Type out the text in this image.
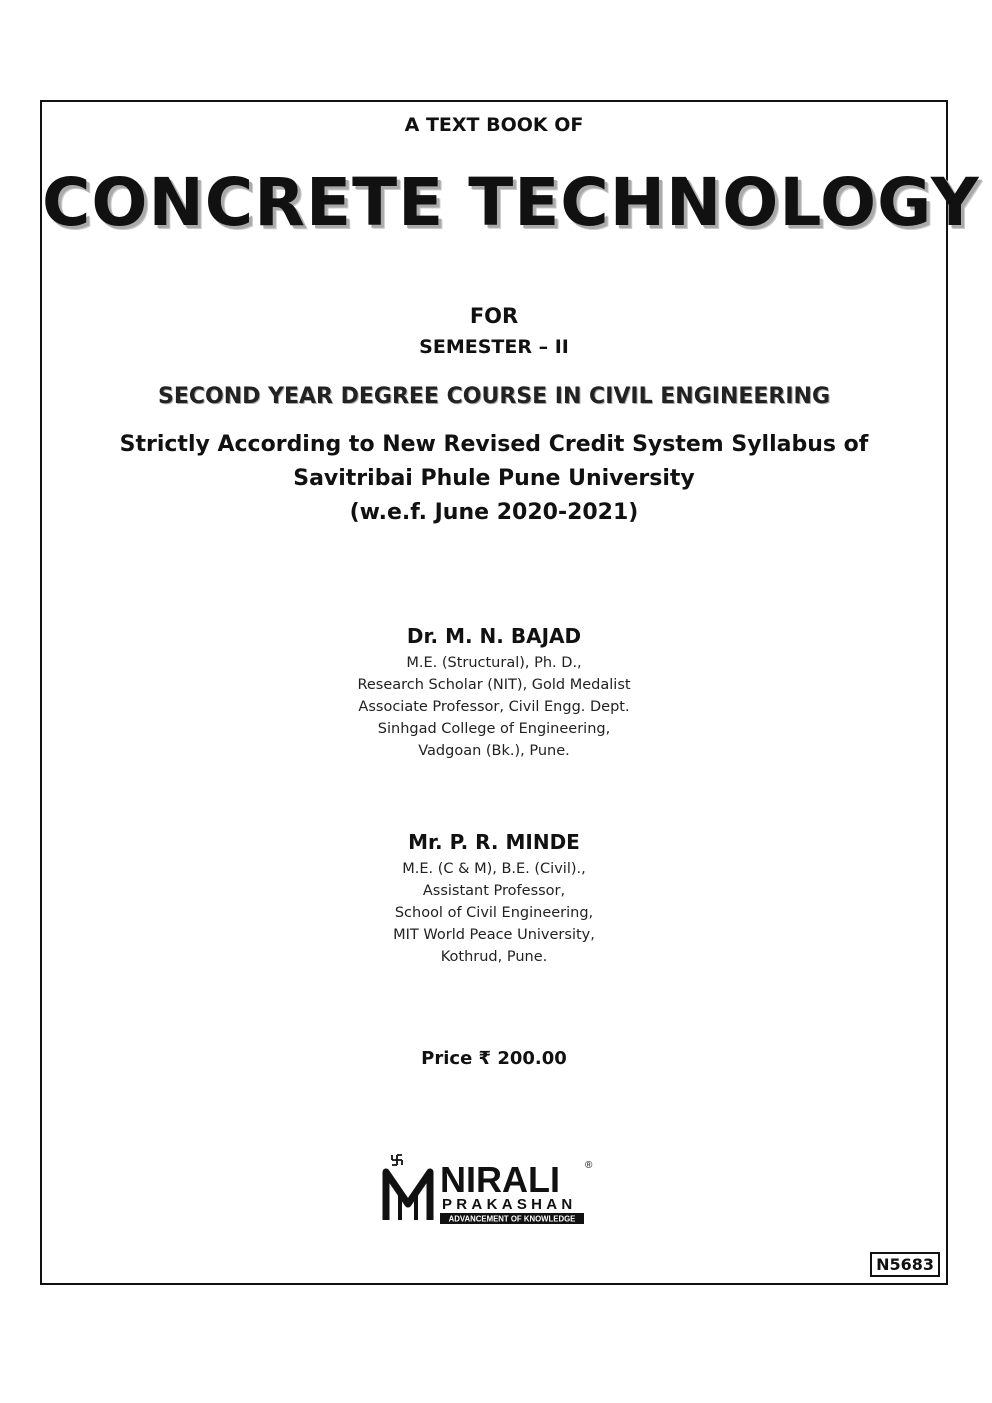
A TEXT BOOK OF
CONCRETE TECHNOLOGY
FOR
SEMESTER – II
SECOND YEAR DEGREE COURSE IN CIVIL ENGINEERING
Strictly According to New Revised Credit System Syllabus of
Savitribai Phule Pune University
(w.e.f. June 2020-2021)
Dr. M. N. BAJAD
M.E. (Structural), Ph. D.,
Research Scholar (NIT), Gold Medalist
Associate Professor, Civil Engg. Dept.
Sinhgad College of Engineering,
Vadgoan (Bk.), Pune.
Mr. P. R. MINDE
M.E. (C & M), B.E. (Civil).,
Assistant Professor,
School of Civil Engineering,
MIT World Peace University,
Kothrud, Pune.
Price ₹ 200.00
NIRALI	®
PRAKASHAN
ADVANCEMENT OF KNOWLEDGE
N5683
